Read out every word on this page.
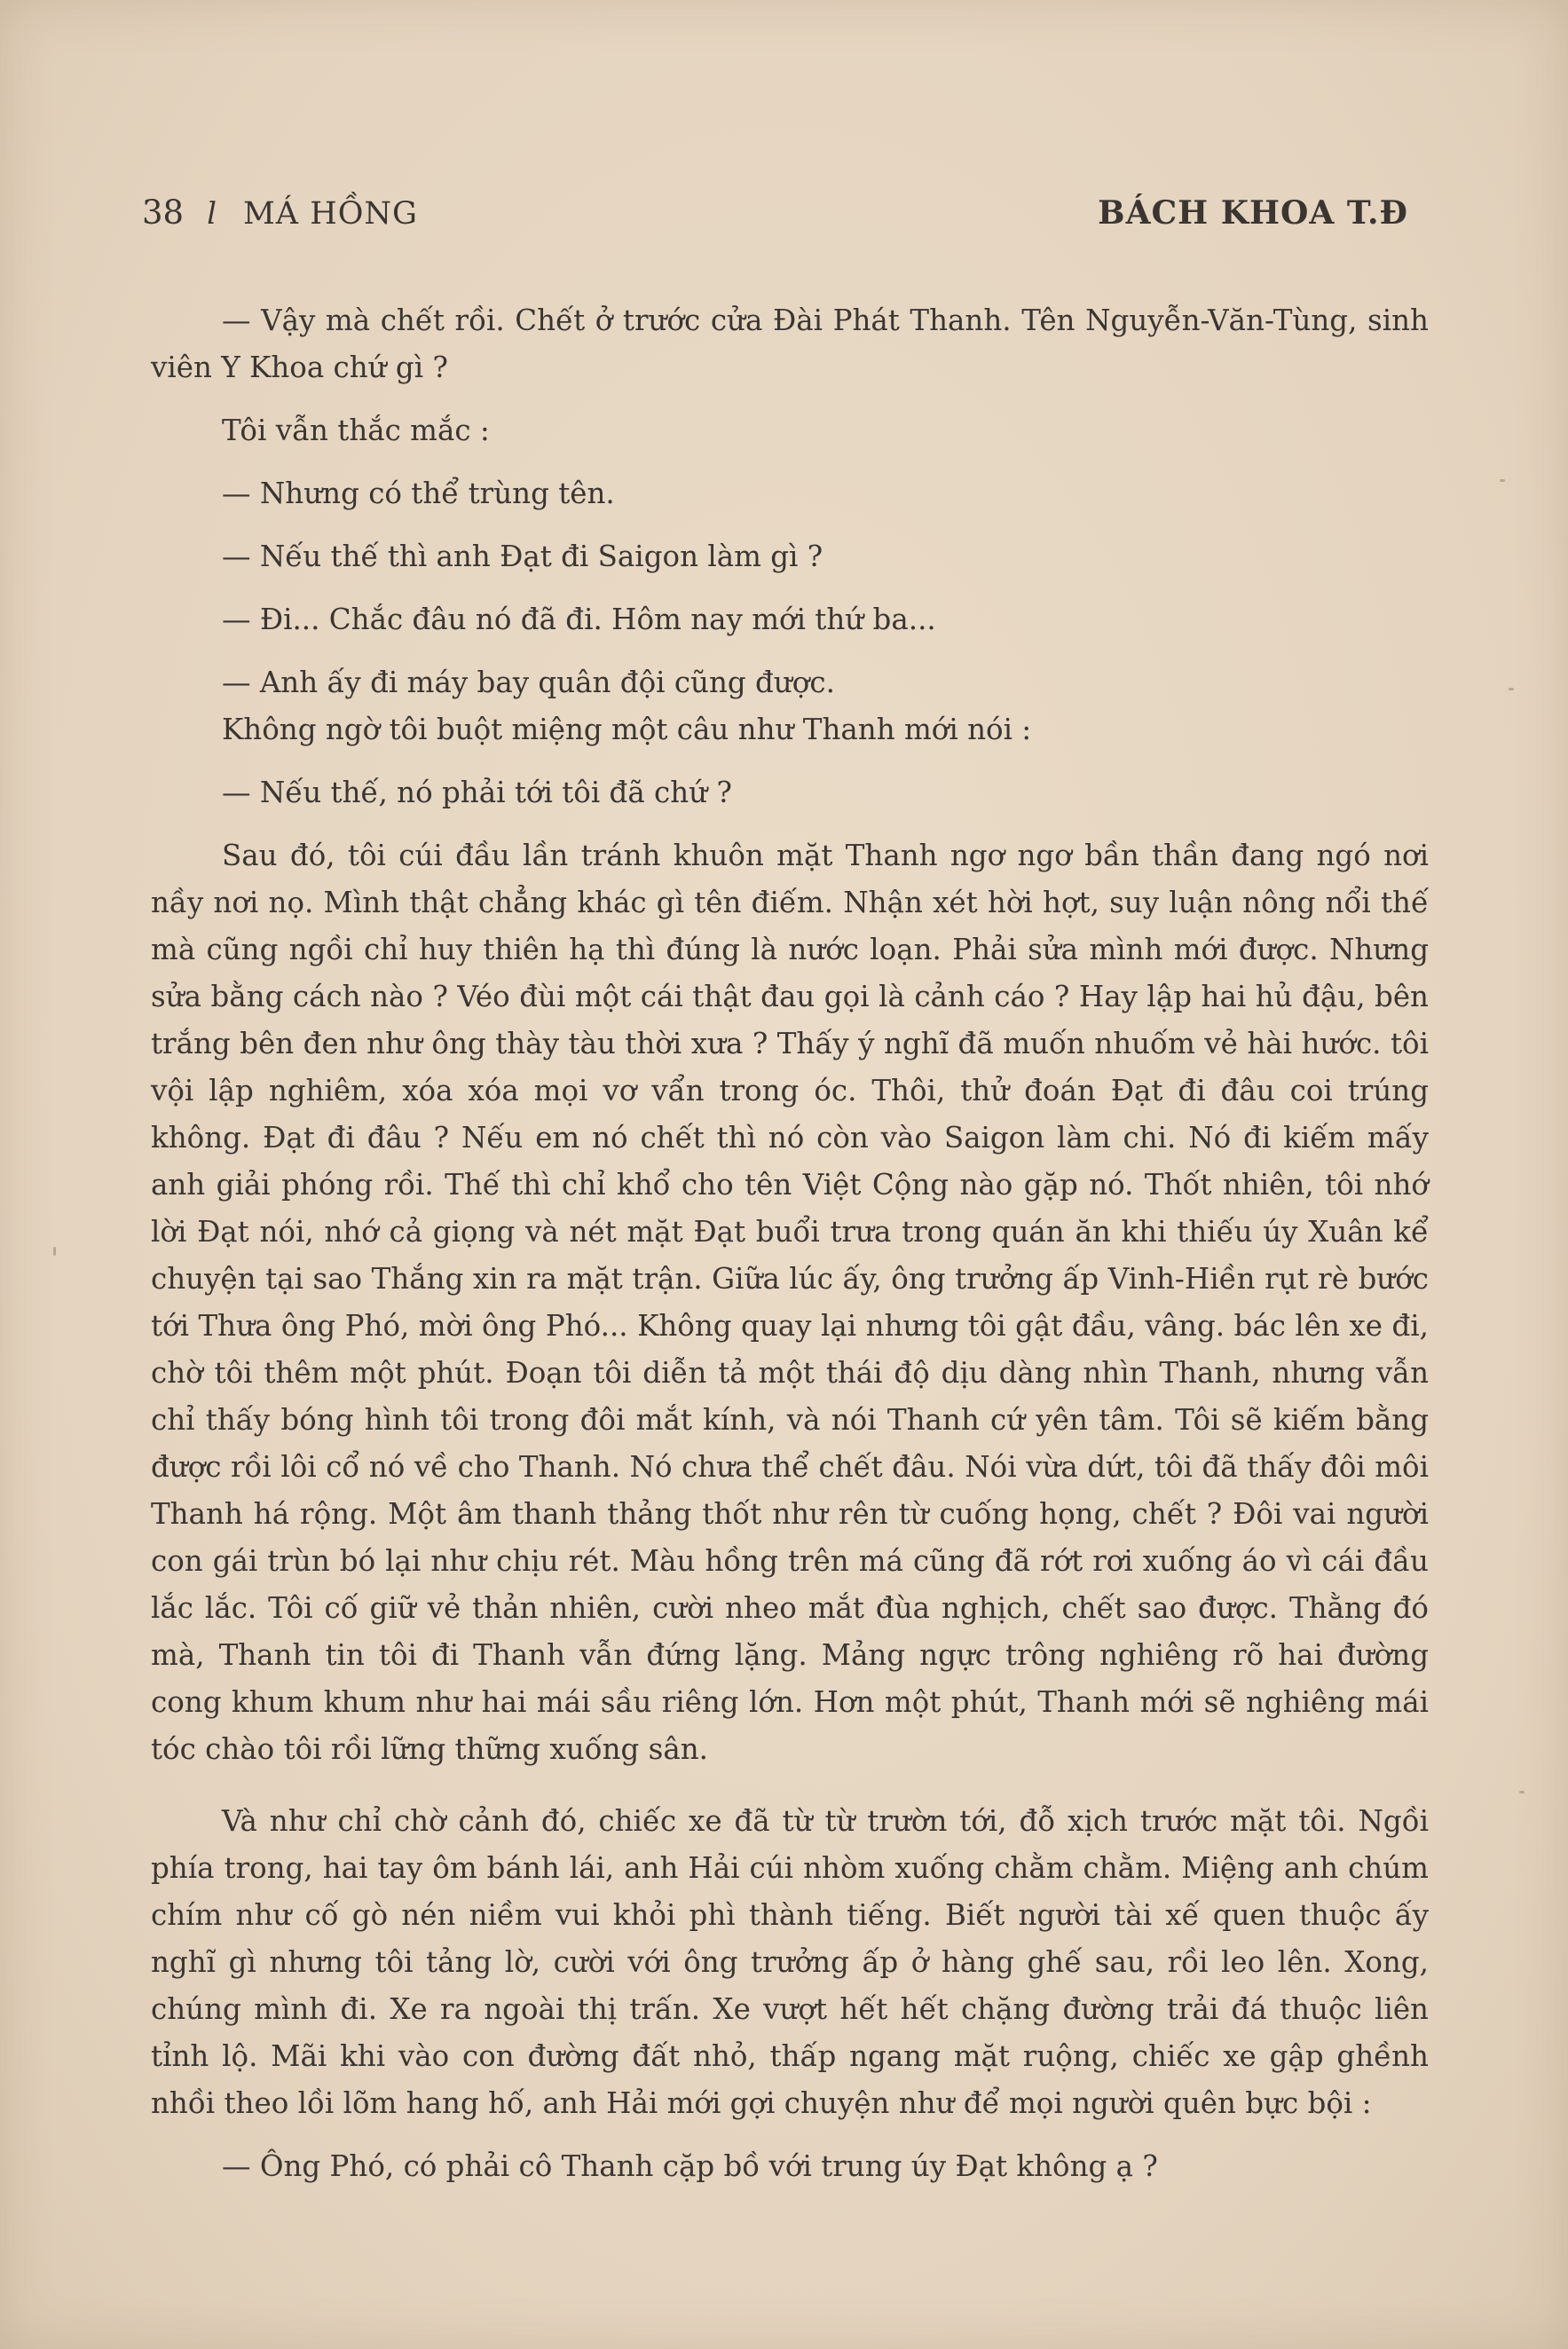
38 l MÁ HỒNG	BÁCH KHOA T.Đ

— Vậy mà chết rồi. Chết ở trước cửa Đài Phát Thanh. Tên Nguyễn-Văn-Tùng, sinh viên Y Khoa chứ gì ?

Tôi vẫn thắc mắc :

— Nhưng có thể trùng tên.

— Nếu thế thì anh Đạt đi Saigon làm gì ?

— Đi... Chắc đâu nó đã đi. Hôm nay mới thứ ba...

— Anh ấy đi máy bay quân đội cũng được.

Không ngờ tôi buột miệng một câu như Thanh mới nói :

— Nếu thế, nó phải tới tôi đã chứ ?

Sau đó, tôi cúi đầu lần tránh khuôn mặt Thanh ngơ ngơ bần thần đang ngó nơi nầy nơi nọ. Mình thật chẳng khác gì tên điếm. Nhận xét hời hợt, suy luận nông nổi thế mà cũng ngồi chỉ huy thiên hạ thì đúng là nước loạn. Phải sửa mình mới được. Nhưng sửa bằng cách nào ? Véo đùi một cái thật đau gọi là cảnh cáo ? Hay lập hai hủ đậu, bên trắng bên đen như ông thày tàu thời xưa ? Thấy ý nghĩ đã muốn nhuốm vẻ hài hước. tôi vội lập nghiêm, xóa xóa mọi vơ vẩn trong óc. Thôi, thử đoán Đạt đi đâu coi trúng không. Đạt đi đâu ? Nếu em nó chết thì nó còn vào Saigon làm chi. Nó đi kiếm mấy anh giải phóng rồi. Thế thì chỉ khổ cho tên Việt Cộng nào gặp nó. Thốt nhiên, tôi nhớ lời Đạt nói, nhớ cả giọng và nét mặt Đạt buổi trưa trong quán ăn khi thiếu úy Xuân kể chuyện tại sao Thắng xin ra mặt trận. Giữa lúc ấy, ông trưởng ấp Vinh-Hiền rụt rè bước tới Thưa ông Phó, mời ông Phó... Không quay lại nhưng tôi gật đầu, vâng. bác lên xe đi, chờ tôi thêm một phút. Đoạn tôi diễn tả một thái độ dịu dàng nhìn Thanh, nhưng vẫn chỉ thấy bóng hình tôi trong đôi mắt kính, và nói Thanh cứ yên tâm. Tôi sẽ kiếm bằng được rồi lôi cổ nó về cho Thanh. Nó chưa thể chết đâu. Nói vừa dứt, tôi đã thấy đôi môi Thanh há rộng. Một âm thanh thảng thốt như rên từ cuống họng, chết ? Đôi vai người con gái trùn bó lại như chịu rét. Màu hồng trên má cũng đã rớt rơi xuống áo vì cái đầu lắc lắc. Tôi cố giữ vẻ thản nhiên, cười nheo mắt đùa nghịch, chết sao được. Thằng đó mà, Thanh tin tôi đi Thanh vẫn đứng lặng. Mảng ngực trông nghiêng rõ hai đường cong khum khum như hai mái sầu riêng lớn. Hơn một phút, Thanh mới sẽ nghiêng mái tóc chào tôi rồi lững thững xuống sân.

Và như chỉ chờ cảnh đó, chiếc xe đã từ từ trườn tới, đỗ xịch trước mặt tôi. Ngồi phía trong, hai tay ôm bánh lái, anh Hải cúi nhòm xuống chằm chằm. Miệng anh chúm chím như cố gò nén niềm vui khỏi phì thành tiếng. Biết người tài xế quen thuộc ấy nghĩ gì nhưng tôi tảng lờ, cười với ông trưởng ấp ở hàng ghế sau, rồi leo lên. Xong, chúng mình đi. Xe ra ngoài thị trấn. Xe vượt hết hết chặng đường trải đá thuộc liên tỉnh lộ. Mãi khi vào con đường đất nhỏ, thấp ngang mặt ruộng, chiếc xe gập ghềnh nhồi theo lồi lõm hang hố, anh Hải mới gợi chuyện như để mọi người quên bực bội :

— Ông Phó, có phải cô Thanh cặp bồ với trung úy Đạt không ạ ?
